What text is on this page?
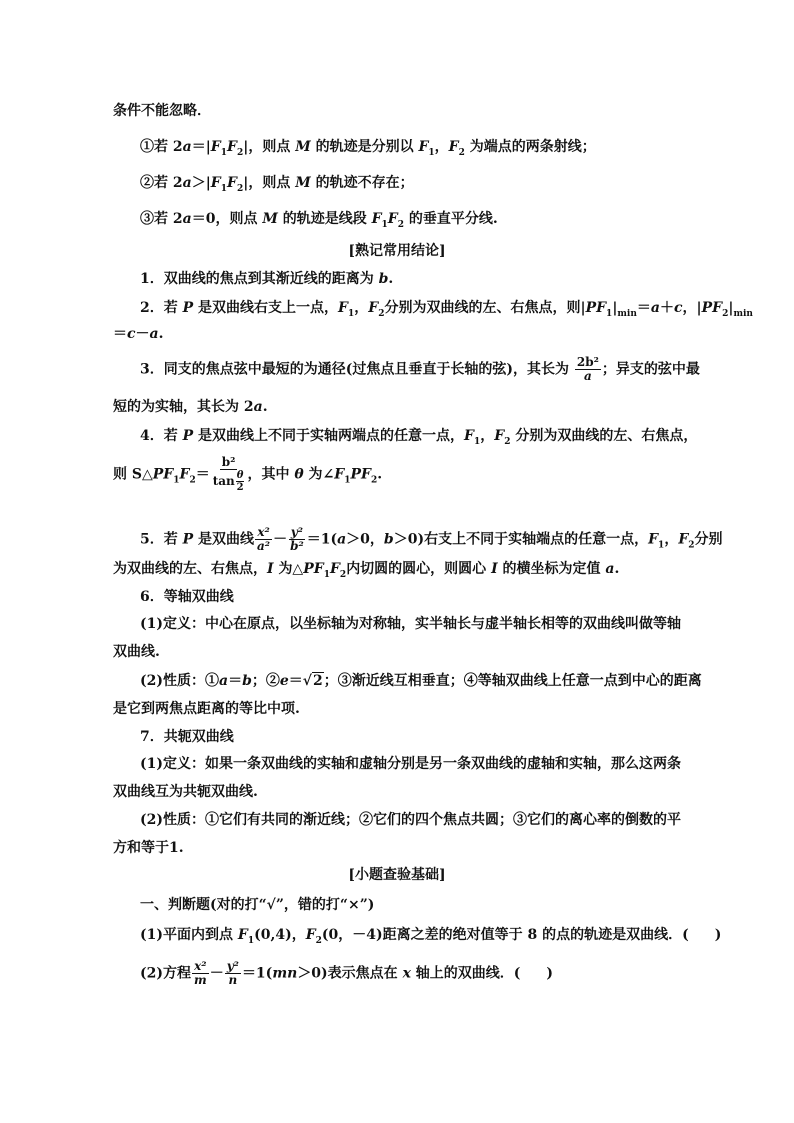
条件不能忽略．
①若 $2a=|F_1F_2|$，则点 M 的轨迹是分别以 $F_1$，$F_2$ 为端点的两条射线；
②若 $2a>|F_1F_2|$，则点 M 的轨迹不存在；
③若 2a＝0，则点 M 的轨迹是线段 $F_1F_2$ 的垂直平分线.
[熟记常用结论]
1．双曲线的焦点到其渐近线的距离为 b.
2．若 P 是双曲线右支上一点，$F_1$，$F_2$分别为双曲线的左、右焦点，则$|PF_1|_{min}=a+c$，$|PF_2|_{min}$
＝c－a.
3．同支的焦点弦中最短的为通径(过焦点且垂直于长轴的弦)，其长为 $\frac{\text{2b²}}{a}$ ；异支的弦中最
短的为实轴，其长为 2a.
4．若 P 是双曲线上不同于实轴两端点的任意一点，$F_1$，$F_2$ 分别为双曲线的左、右焦点，
则 $S\triangle PF_1F_2= b^2$
tan θ
2 ，其中 θ 为$\angle F_1PF_2$.
5．若 P 是双曲线 $\frac{\text{x²}}{\text{a²}} - \frac{\text{y²}}{\text{b²}} =1(a>0$，b＞0)右支上不同于实轴端点的任意一点，$F_1$，$F_2$分别
为双曲线的左、右焦点，I 为$\triangle PF_1F_2$内切圆的圆心，则圆心 I 的横坐标为定值 a.
6．等轴双曲线
(1)定义：中心在原点，以坐标轴为对称轴，实半轴长与虚半轴长相等的双曲线叫做等轴
双曲线.
(2)性质：①a＝b；②e＝√2；③渐近线互相垂直；④等轴双曲线上任意一点到中心的距离
是它到两焦点距离的等比中项.
7．共轭双曲线
(1)定义：如果一条双曲线的实轴和虚轴分别是另一条双曲线的虚轴和实轴，那么这两条
双曲线互为共轭双曲线.
(2)性质：①它们有共同的渐近线；②它们的四个焦点共圆；③它们的离心率的倒数的平
方和等于1.
[小题查验基础]
一、判断题(对的打“√”，错的打“×”)
(1)平面内到点 $F_1(0,4)$，$F_2(0$，－4)距离之差的绝对值等于 8 的点的轨迹是双曲线．( )
(2)方程 $\frac{\text{x²}}{m} - \frac{\text{y²}}{n} =1(mn>0)$表示焦点在 x 轴上的双曲线．( )
